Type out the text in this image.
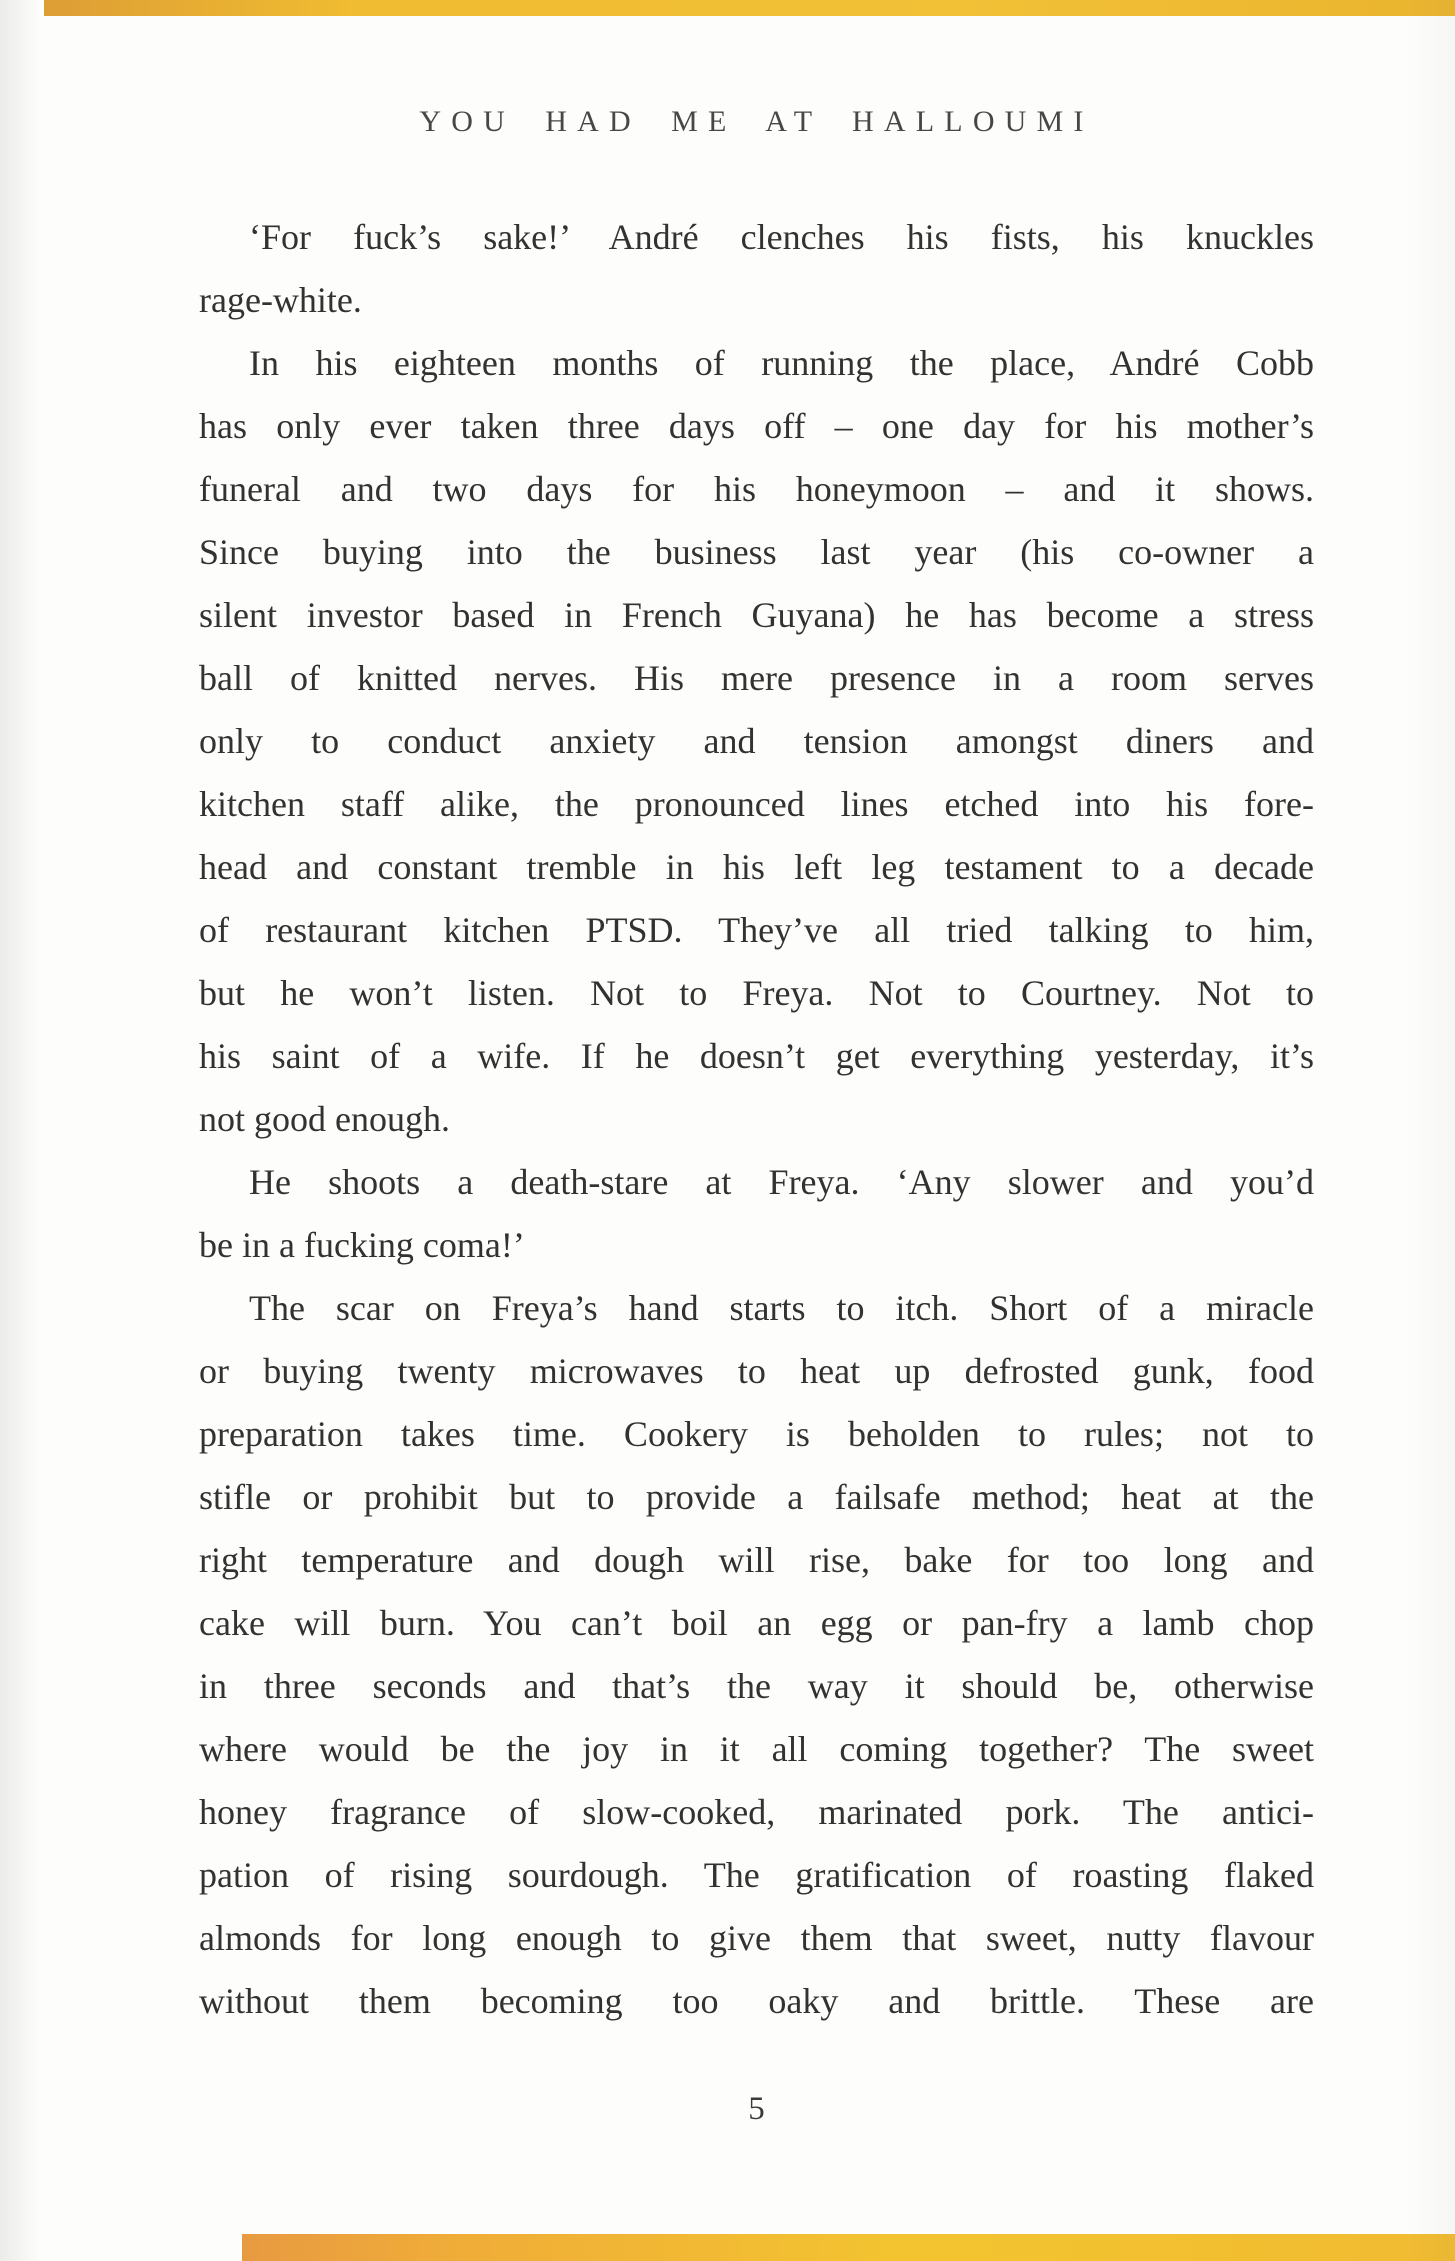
YOU HAD ME AT HALLOUMI
‘For fuck’s sake!’ André clenches his fists, his knuckles
rage-white.
In his eighteen months of running the place, André Cobb
has only ever taken three days off – one day for his mother’s
funeral and two days for his honeymoon – and it shows.
Since buying into the business last year (his co-owner a
silent investor based in French Guyana) he has become a stress
ball of knitted nerves. His mere presence in a room serves
only to conduct anxiety and tension amongst diners and
kitchen staff alike, the pronounced lines etched into his fore-
head and constant tremble in his left leg testament to a decade
of restaurant kitchen PTSD. They’ve all tried talking to him,
but he won’t listen. Not to Freya. Not to Courtney. Not to
his saint of a wife. If he doesn’t get everything yesterday, it’s
not good enough.
He shoots a death-stare at Freya. ‘Any slower and you’d
be in a fucking coma!’
The scar on Freya’s hand starts to itch. Short of a miracle
or buying twenty microwaves to heat up defrosted gunk, food
preparation takes time. Cookery is beholden to rules; not to
stifle or prohibit but to provide a failsafe method; heat at the
right temperature and dough will rise, bake for too long and
cake will burn. You can’t boil an egg or pan-fry a lamb chop
in three seconds and that’s the way it should be, otherwise
where would be the joy in it all coming together? The sweet
honey fragrance of slow-cooked, marinated pork. The antici-
pation of rising sourdough. The gratification of roasting flaked
almonds for long enough to give them that sweet, nutty flavour
without them becoming too oaky and brittle. These are
5
